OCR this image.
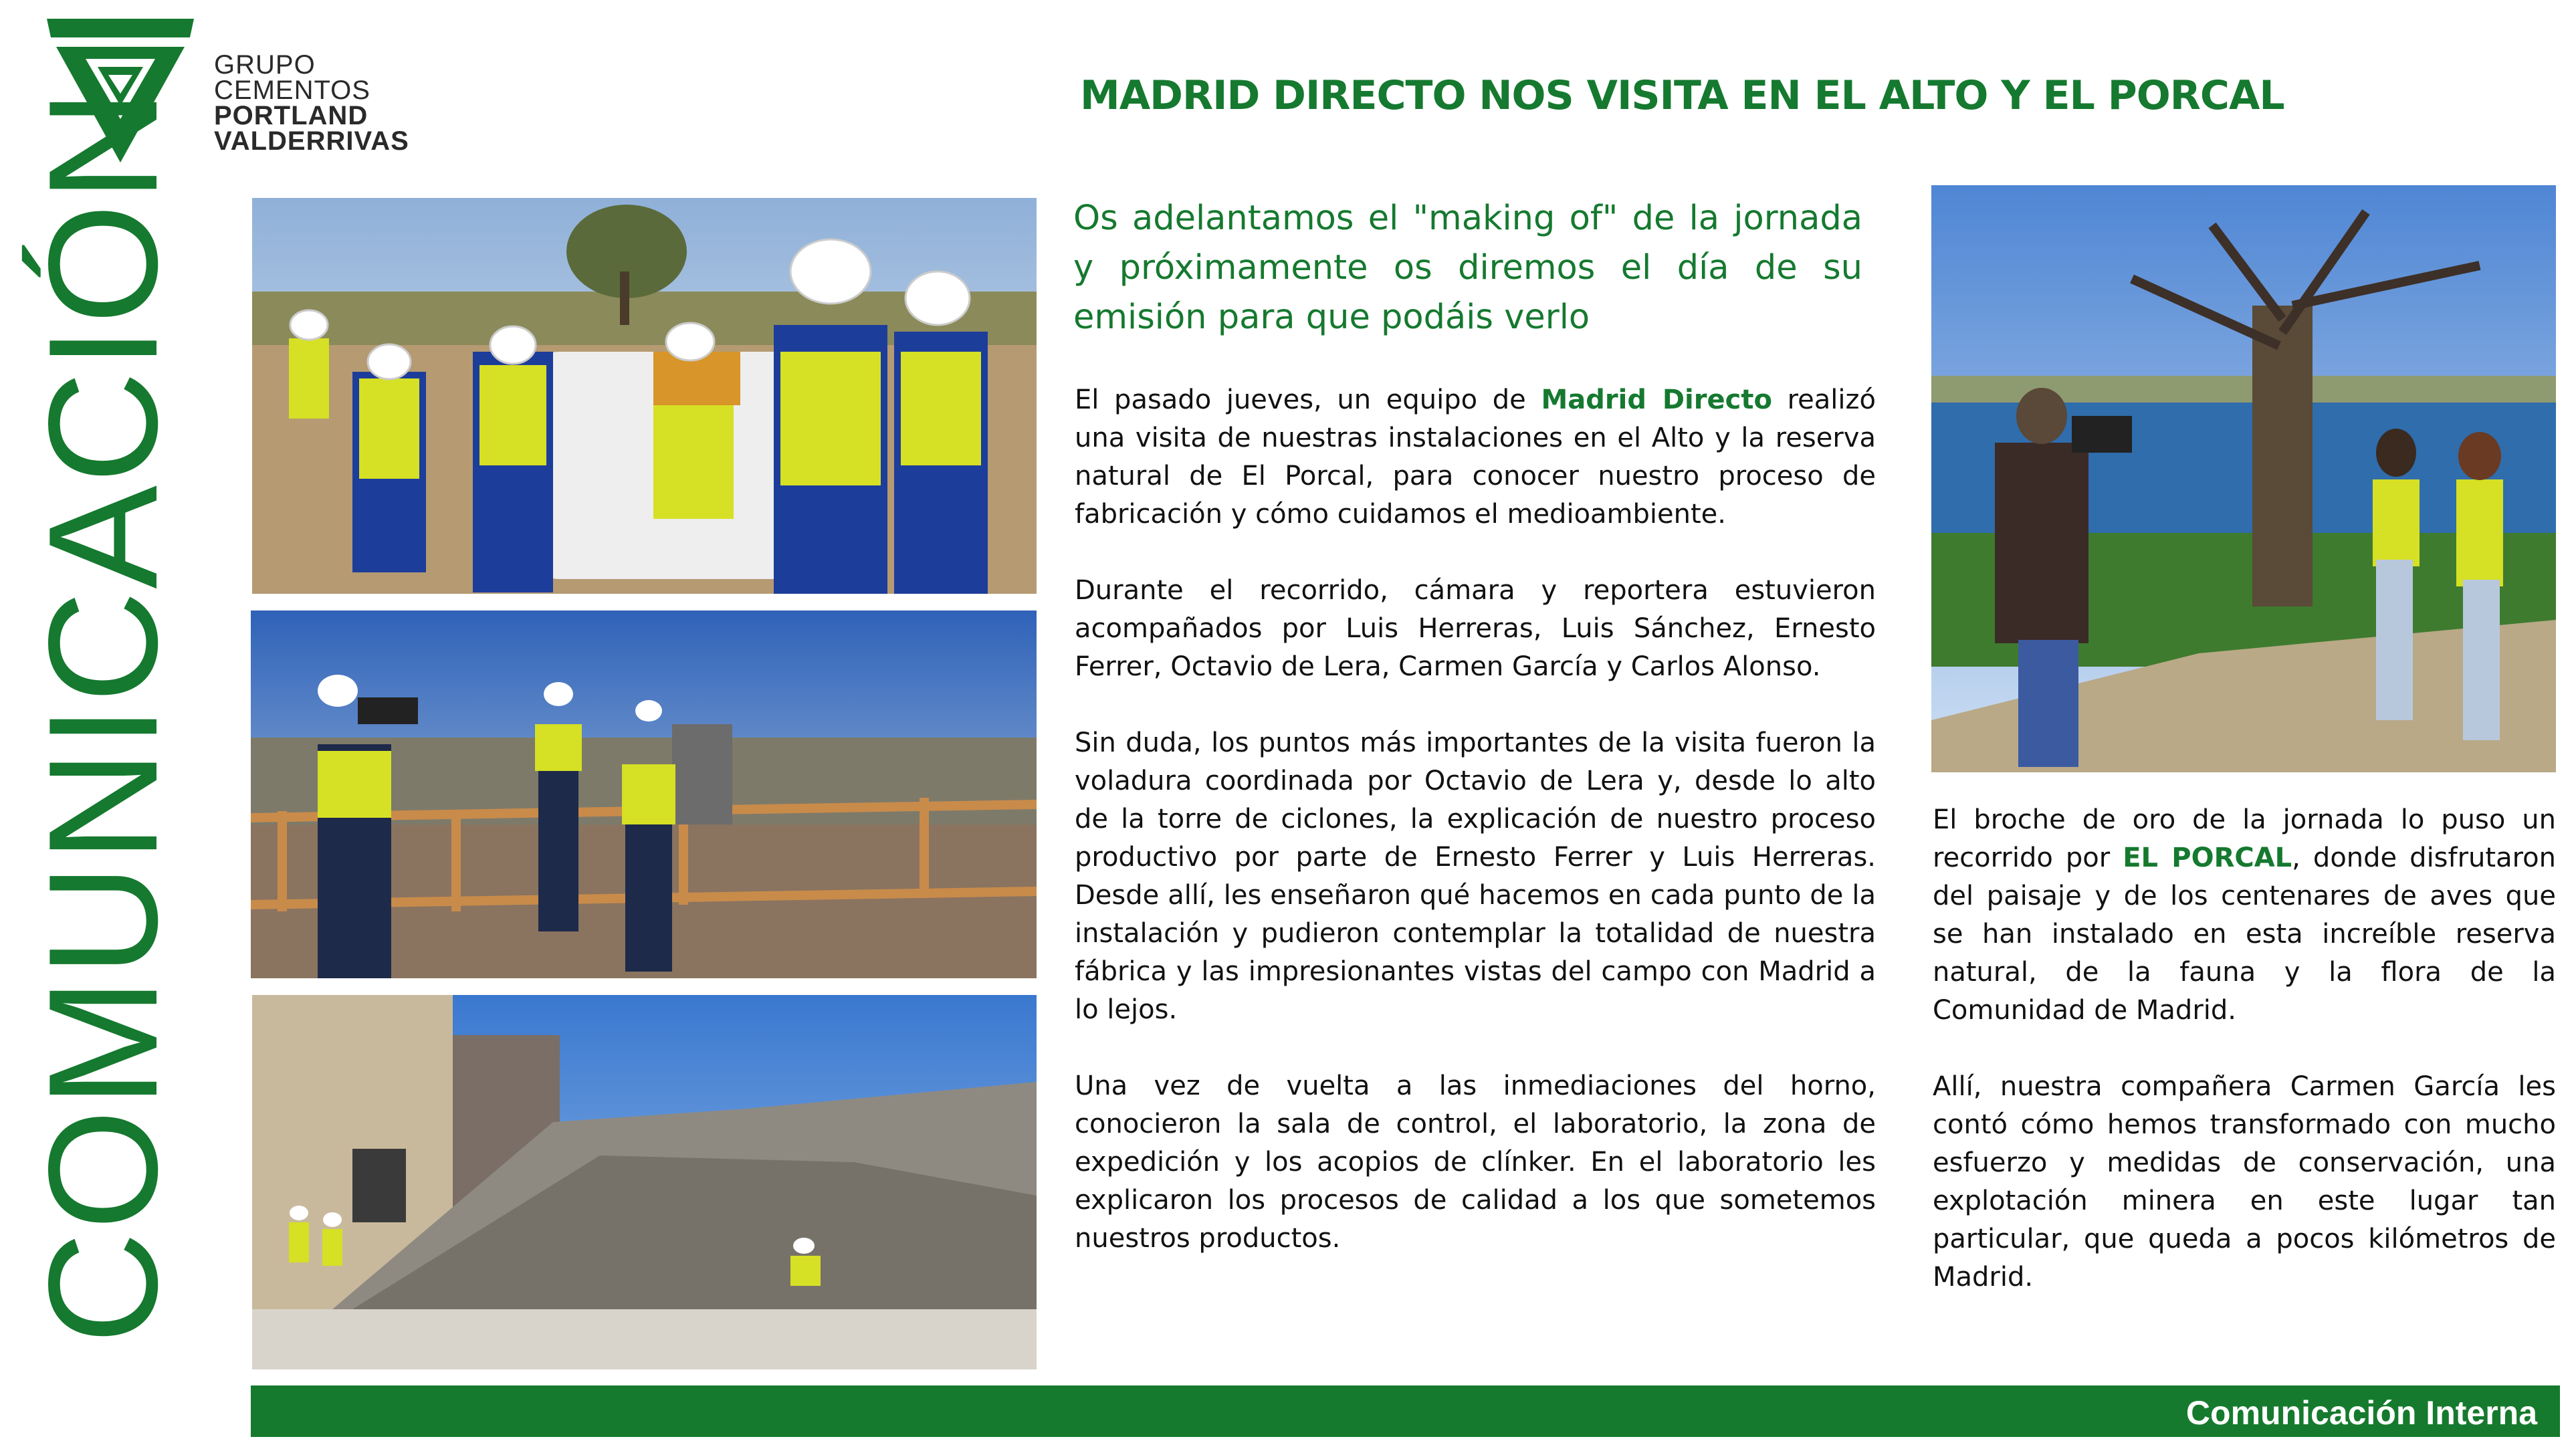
GRUPO
CEMENTOS
PORTLAND
VALDERRIVAS
COMUNICACIÓN	MADRID DIRECTO NOS VISITA EN EL ALTO Y EL PORCAL
Os adelantamos el "making of" de la jornada y próximamente os diremos el día de su emisión para que podáis verlo

El pasado jueves, un equipo de Madrid Directo realizó una visita de nuestras instalaciones en el Alto y la reserva natural de El Porcal, para conocer nuestro proceso de fabricación y cómo cuidamos el medioambiente.

Durante el recorrido, cámara y reportera estuvieron acompañados por Luis Herreras, Luis Sánchez, Ernesto Ferrer, Octavio de Lera, Carmen García y Carlos Alonso.

Sin duda, los puntos más importantes de la visita fueron la voladura coordinada por Octavio de Lera y, desde lo alto de la torre de ciclones, la explicación de nuestro proceso productivo por parte de Ernesto Ferrer y Luis Herreras. Desde allí, les enseñaron qué hacemos en cada punto de la instalación y pudieron contemplar la totalidad de nuestra fábrica y las impresionantes vistas del campo con Madrid a lo lejos.

Una vez de vuelta a las inmediaciones del horno, conocieron la sala de control, el laboratorio, la zona de expedición y los acopios de clínker. En el laboratorio les explicaron los procesos de calidad a los que sometemos nuestros productos.

El broche de oro de la jornada lo puso un recorrido por EL PORCAL, donde disfrutaron del paisaje y de los centenares de aves que se han instalado en esta increíble reserva natural, de la fauna y la flora de la Comunidad de Madrid.

Allí, nuestra compañera Carmen García les contó cómo hemos transformado con mucho esfuerzo y medidas de conservación, una explotación minera en este lugar tan particular, que queda a pocos kilómetros de Madrid.

Comunicación Interna
